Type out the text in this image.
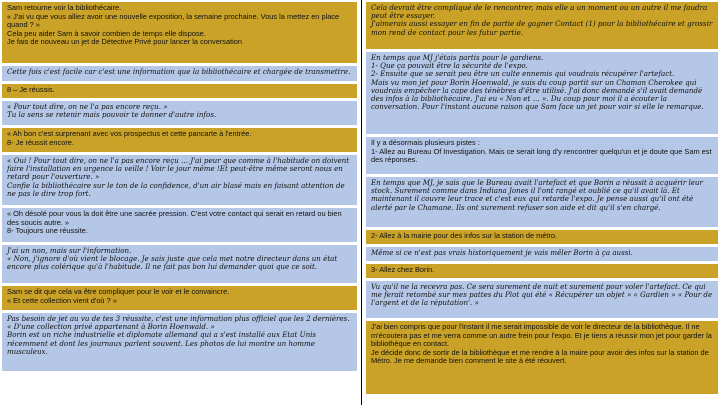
Sam retourne voir la bibliothécaire.
« J'ai vu que vous alliez avoir une nouvelle exposition, la semaine prochaine. Vous la mettez en place quand ? »
Cela peu aider Sam à savoir combien de temps elle dispose.
Je fais de nouveau un jet de Détective Privé pour lancer la conversation
Cette fois c'est facile car c'est une information que la bibliothécaire et chargée de transmettre.
8 – Je réussis.
« Pour tout dire, on ne l'a pas encore reçu. »
Tu la sens se retenir mais pouvoir te donner d'autre infos.
« Ah bon c'est surprenant avec vos prospectus et cette pancarte à l'entrée.
8- Je réussit encore.
« Oui ! Pour tout dire, on ne l'a pas encore reçu … J'ai peur que comme à l'habitude on doivent faire l'installation en urgence la veille ! Voir le jour même !Et peut-être même seront nous en retard pour l'ouverture. »
Confie la bibliothécaire sur le ton de la confidence, d'un air blasé mais en faisant attention de ne pas le dire trop fort.
« Oh désolé pour vous la doit être une sacrée pression. C'est votre contact qui serait en retard ou bien des soucis autre. »
8- Toujours une réussite.
J'ai un non, mais sur l'information.
« Non, j'ignore d'où vient le blocage. Je sais juste que cela met notre directeur dans un état encore plus colérique qu'à l'habitude. Il ne fait pas bon lui demander quoi que ce soit.
Sam se dit que cela va être compliquer pour le voir et le convaincre.
« Et cette collection vient d'où ? »
Pas besoin de jet au vu de tes 3 réussite, c'est une information plus officiel que les 2 dernières.
« D'une collection privé appartenant à Borin Hoenwald. »
Borin est un riche industrielle et diplomate allemand qui a s'est installé aux Etat Unis récemment et dont les journaux parlent souvent. Les photos de lui montre un homme musculeux.
Cela devrait être compliqué de le rencontrer, mais elle a un moment ou un autre il me faudra peut être essayer.
J'aimerais aussi essayer en fin de partie de gagner Contact (1) pour la bibliothécaire et grossir mon rend de contact pour les futur partie.
En temps que MJ j'étais partis pour le gardiens.
1- Que ça pouvait être la sécurité de l'expo.
2- Ensuite que se serait peu être un culte ennemis qui voudrais récupérer l'artefact.
Mais vu mon jet pour Borin Hoenwald, je suis du coup partit sur un Chaman Cherokee qui voudrais empêcher la cape des ténèbres d'être utilisé. J'ai donc demandé s'il avait demandé des infos à la bibliothécaire. J'ai eu « Non et … ». Du coup pour moi il a écouter la conversation. Pour l'instant aucune raison que Sam face un jet pour voir si elle le remarque.
Il y a désormais plusieurs pistes :
1- Allez au Bureau Of Investigation. Mais ce serait long d'y rencontrer quelqu'un et je doute que Sam est des réponses.
En temps que MJ, je sais que le Bureau avait l'artefact et que Borin a réussit à acquérir leur stock. Surement comme dans Indiana Jones il l'ont rangé et oublié ce qu'il avait là. Et maintenant il couvre leur trace et c'est eux qui retarde l'expo. Je pense aussi qu'il ont été alerté par le Chamane. Ils ont surement refuser son aide et dit qu'il s'en chargé.
2- Allez à la mairie pour des infos sur la station de métro.
Même si ce n'est pas vrais historiquement je vais mêler Borin à ça aussi.
3- Allez chez Borin.
Vu qu'il ne la recevra pas. Ce sera surement de nuit et surement pour voler l'artefact. Ce qui me ferait retombé sur mes pattes du Plot qui été « Récupérer un objet » « Gardien » « Pour de l'argent et de la réputation'. »
J'ai bien compris que pour l'instant il me serait impossible de voir le directeur de la bibliothèque. Il ne m'écoutera pas et me verra comme un autre frein pour l'expo. Et je tiens a réussir mon jet pour garder la bibliothèque en contact.
Je décide donc de sortir de la bibliothèque et me rendre à la maire pour avoir des infos sur la station de Métro. Je me demande bien comment le site à été réouvert.
